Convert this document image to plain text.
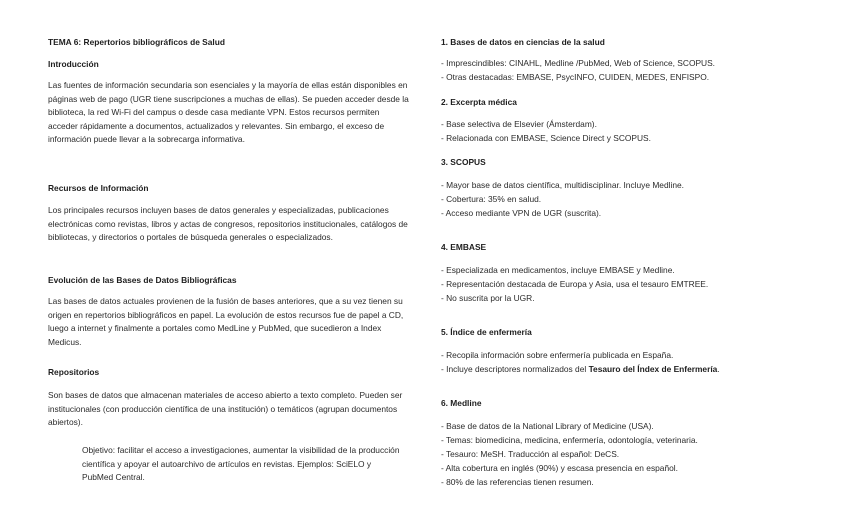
TEMA 6: Repertorios bibliográficos de Salud
Introducción
Las fuentes de información secundaria son esenciales y la mayoría de ellas están disponibles en páginas web de pago (UGR tiene suscripciones a muchas de ellas). Se pueden acceder desde la biblioteca, la red Wi-Fi del campus o desde casa mediante VPN. Estos recursos permiten acceder rápidamente a documentos, actualizados y relevantes. Sin embargo, el exceso de información puede llevar a la sobrecarga informativa.
Recursos de Información
Los principales recursos incluyen bases de datos generales y especializadas, publicaciones electrónicas como revistas, libros y actas de congresos, repositorios institucionales, catálogos de bibliotecas, y directorios o portales de búsqueda generales o especializados.
Evolución de las Bases de Datos Bibliográficas
Las bases de datos actuales provienen de la fusión de bases anteriores, que a su vez tienen su origen en repertorios bibliográficos en papel. La evolución de estos recursos fue de papel a CD, luego a internet y finalmente a portales como MedLine y PubMed, que sucedieron a Index Medicus.
Repositorios
Son bases de datos que almacenan materiales de acceso abierto a texto completo. Pueden ser institucionales (con producción científica de una institución) o temáticos (agrupan documentos abiertos).
Objetivo: facilitar el acceso a investigaciones, aumentar la visibilidad de la producción científica y apoyar el autoarchivo de artículos en revistas. Ejemplos: SciELO y PubMed Central.
1. Bases de datos en ciencias de la salud
- Imprescindibles: CINAHL, Medline /PubMed, Web of Science, SCOPUS.
- Otras destacadas: EMBASE, PsycINFO, CUIDEN, MEDES, ENFISPO.
2. Excerpta médica
- Base selectiva de Elsevier (Ámsterdam).
- Relacionada con EMBASE, Science Direct y SCOPUS.
3. SCOPUS
- Mayor base de datos científica, multidisciplinar. Incluye Medline.
- Cobertura: 35% en salud.
- Acceso mediante VPN de UGR (suscrita).
4. EMBASE
- Especializada en medicamentos, incluye EMBASE y Medline.
- Representación destacada de Europa y Asia, usa el tesauro EMTREE.
- No suscrita por la UGR.
5. Índice de enfermería
- Recopila información sobre enfermería publicada en España.
- Incluye descriptores normalizados del Tesauro del Índex de Enfermería.
6. Medline
- Base de datos de la National Library of Medicine (USA).
- Temas: biomedicina, medicina, enfermería, odontología, veterinaria.
- Tesauro: MeSH. Traducción al español: DeCS.
- Alta cobertura en inglés (90%) y escasa presencia en español.
- 80% de las referencias tienen resumen.
